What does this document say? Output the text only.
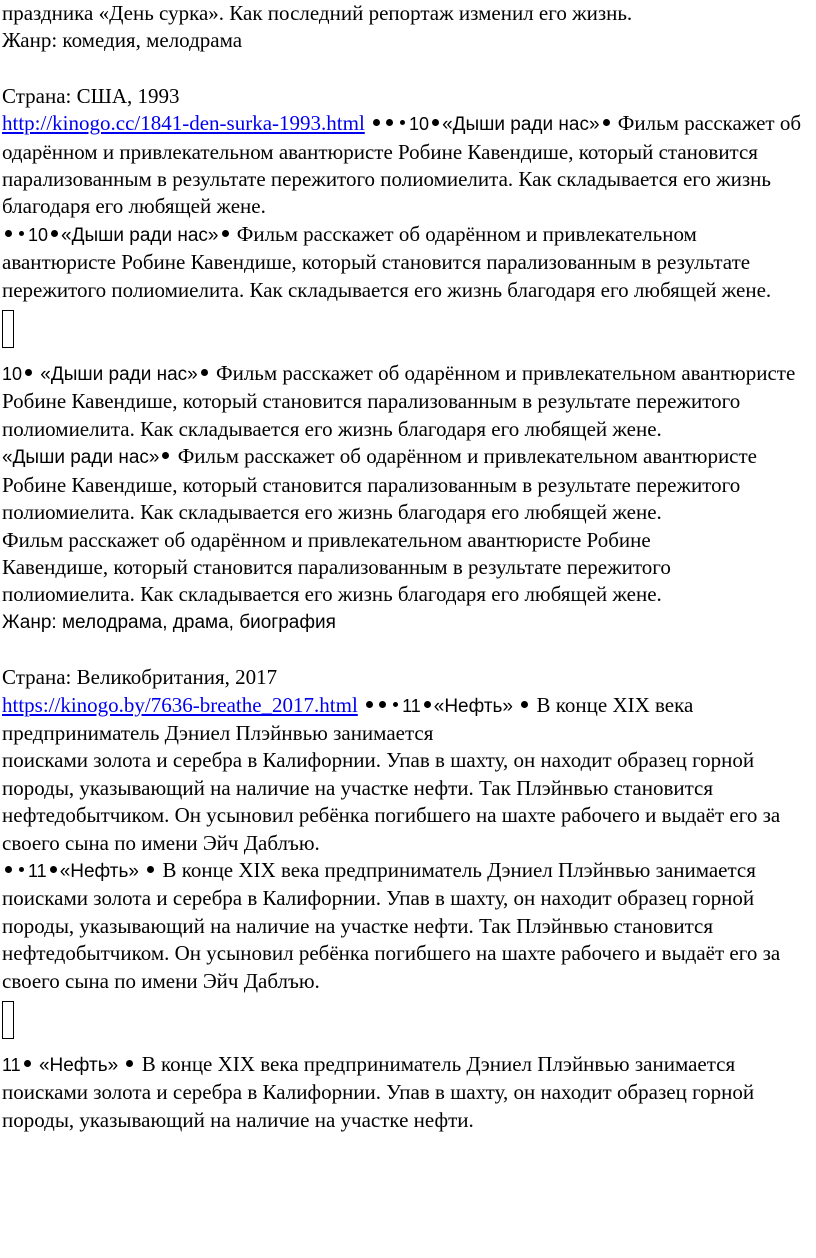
праздника «День сурка». Как последний репортаж изменил его жизнь.

Жанр: комедия, мелодрама

Страна: США, 1993

http://kinogo.cc/1841-den-surka-1993.html 10 «Дыши ради нас» Фильм расскажет об одарённом и привлекательном авантюристе Робине Кавендише, который становится парализованным в результате пережитого полиомиелита. Как складывается его жизнь благодаря его любящей жене.

10 «Дыши ради нас» Фильм расскажет об одарённом и привлекательном авантюристе Робине Кавендише, который становится парализованным в результате пережитого полиомиелита. Как складывается его жизнь благодаря его любящей жене.

10 «Дыши ради нас» Фильм расскажет об одарённом и привлекательном авантюристе Робине Кавендише, который становится парализованным в результате пережитого полиомиелита. Как складывается его жизнь благодаря его любящей жене.

«Дыши ради нас» Фильм расскажет об одарённом и привлекательном авантюристе Робине Кавендише, который становится парализованным в результате пережитого полиомиелита. Как складывается его жизнь благодаря его любящей жене.

Фильм расскажет об одарённом и привлекательном авантюристе Робине Кавендише, который становится парализованным в результате пережитого полиомиелита. Как складывается его жизнь благодаря его любящей жене.

Жанр: мелодрама, драма, биография

Страна: Великобритания, 2017

https://kinogo.by/7636-breathe_2017.html 11 «Нефть» В конце XIX века предприниматель Дэниел Плэйнвью занимается
поисками золота и серебра в Калифорнии. Упав в шахту, он находит образец горной породы, указывающий на наличие на участке нефти. Так Плэйнвью становится нефтедобытчиком. Он усыновил ребёнка погибшего на шахте рабочего и выдаёт его за своего сына по имени Эйч Даблъю.

11 «Нефть» В конце XIX века предприниматель Дэниел Плэйнвью занимается поисками золота и серебра в Калифорнии. Упав в шахту, он находит образец горной породы, указывающий на наличие на участке нефти. Так Плэйнвью становится нефтедобытчиком. Он усыновил ребёнка погибшего на шахте рабочего и выдаёт его за своего сына по имени Эйч Даблъю.

11 «Нефть» В конце XIX века предприниматель Дэниел Плэйнвью занимается поисками золота и серебра в Калифорнии. Упав в шахту, он находит образец горной породы, указывающий на наличие на участке нефти.
